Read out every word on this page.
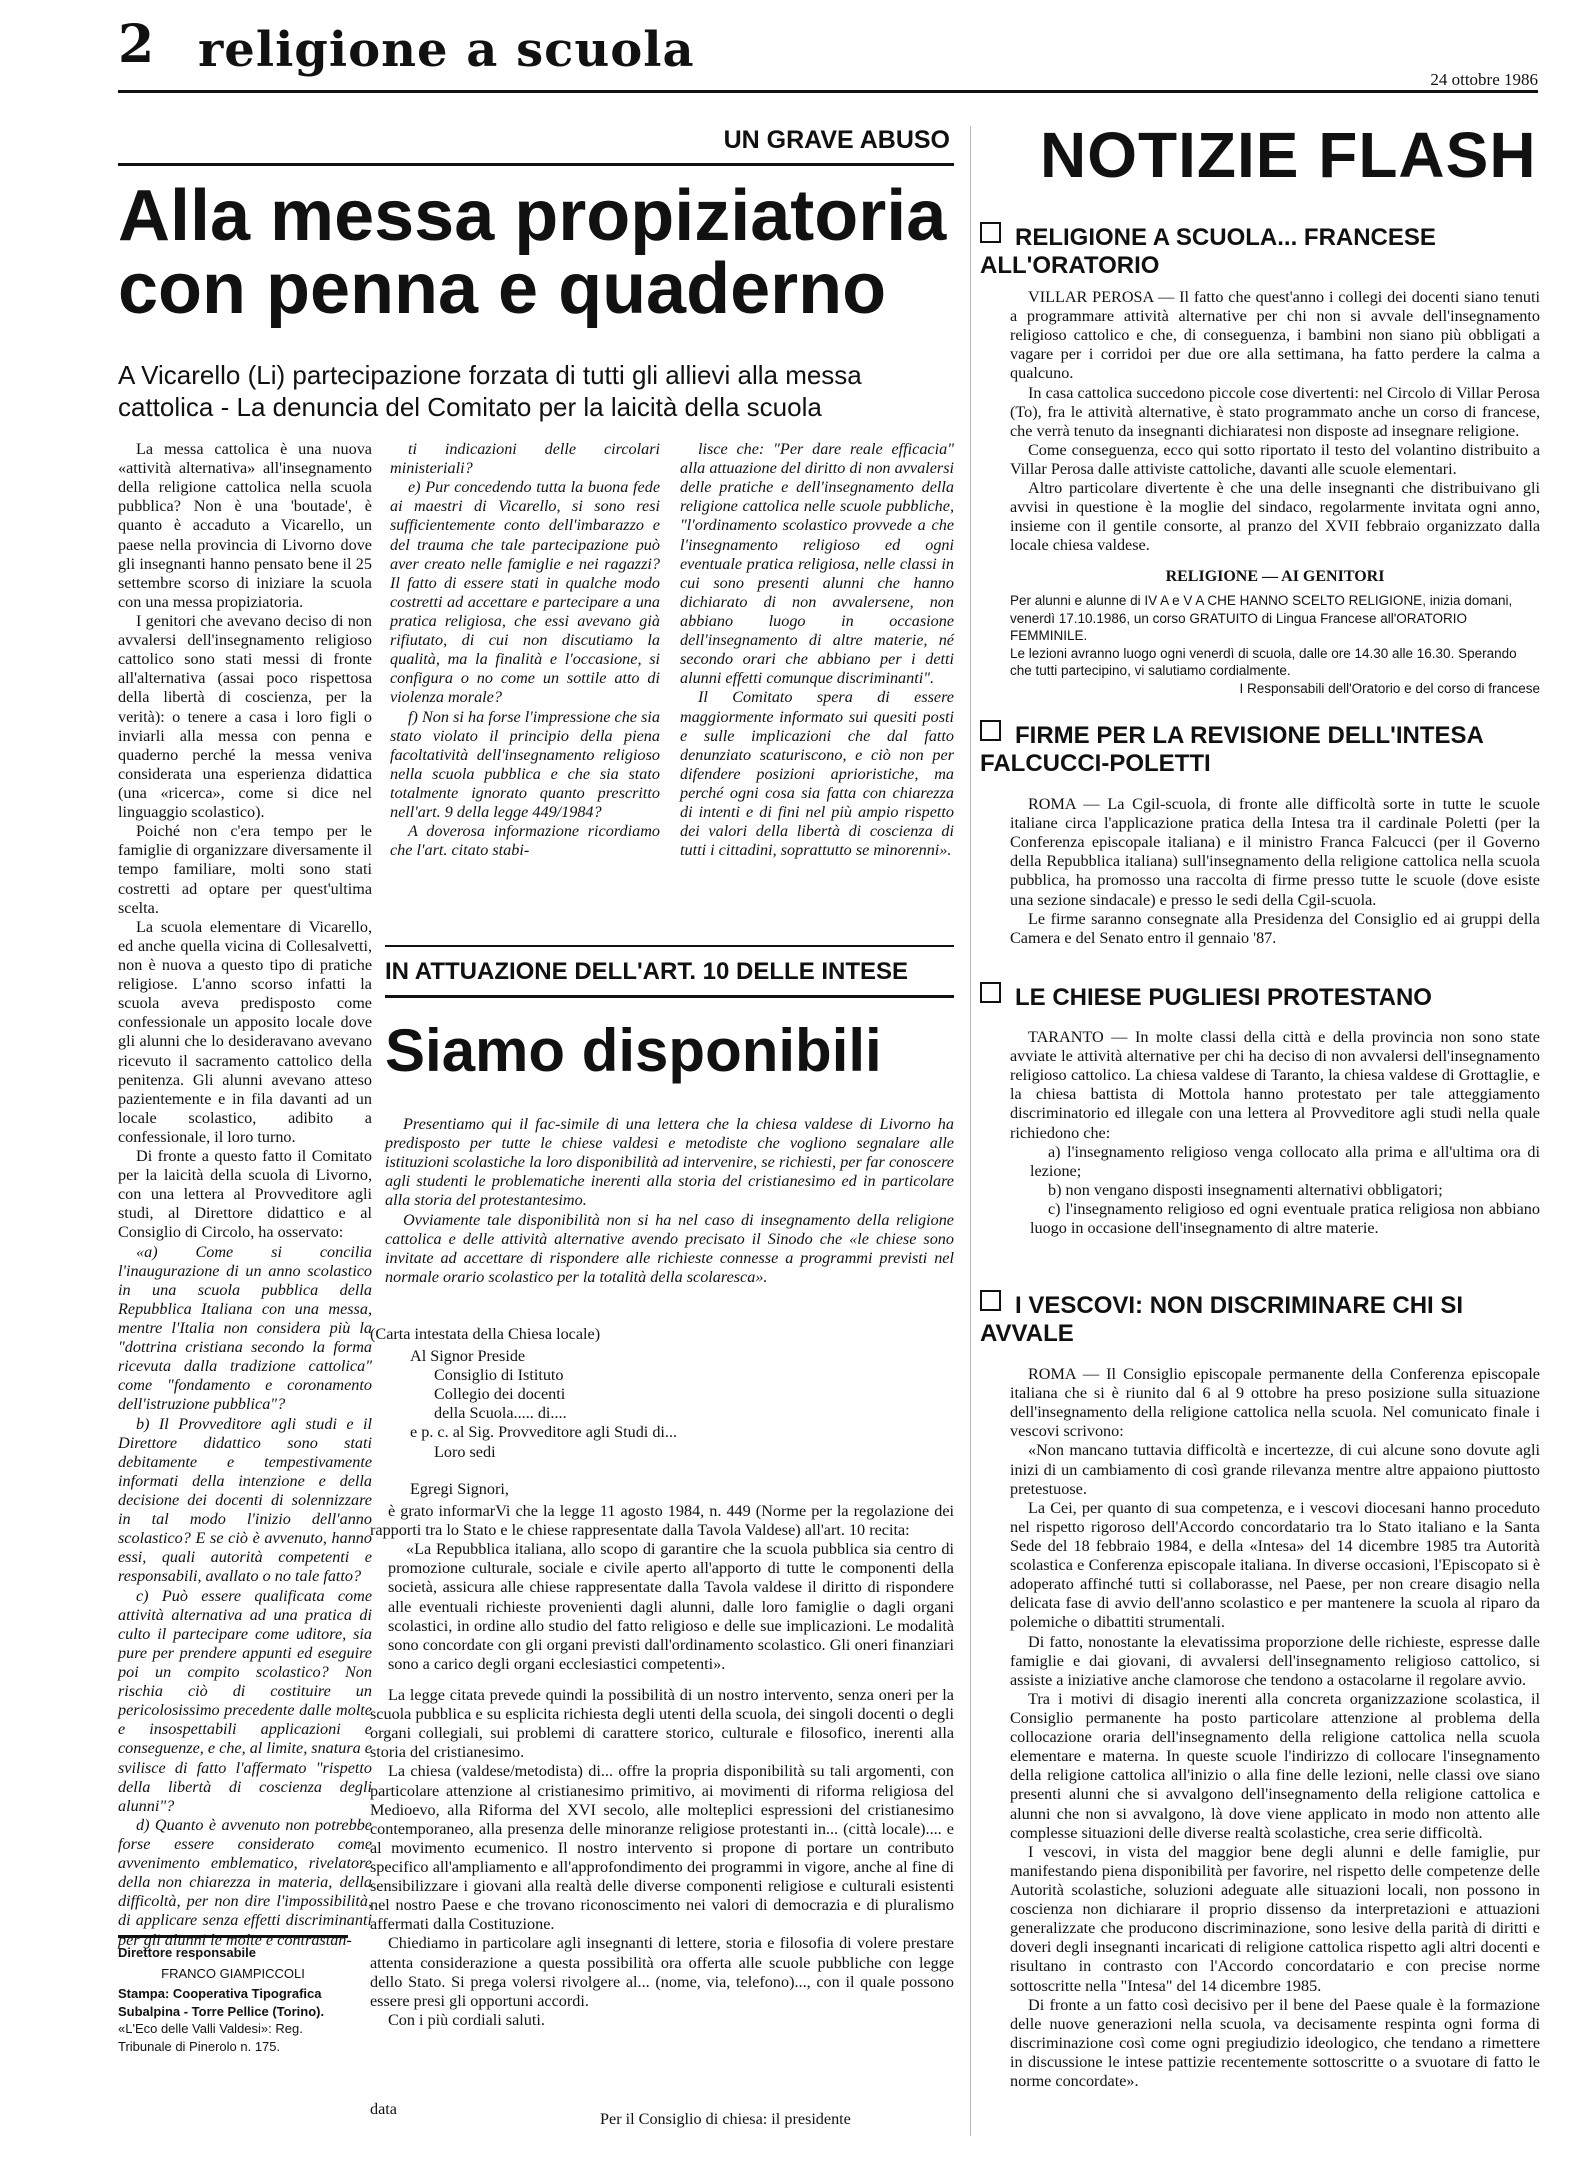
2 religione a scuola
24 ottobre 1986
UN GRAVE ABUSO
Alla messa propiziatoria
con penna e quaderno
A Vicarello (Li) partecipazione forzata di tutti gli allievi alla messa cattolica - La denuncia del Comitato per la laicità della scuola

La messa cattolica è una nuova «attività alternativa» all'insegnamento della religione cattolica nella scuola pubblica? Non è una 'boutade', è quanto è accaduto a Vicarello, un paese nella provincia di Livorno dove gli insegnanti hanno pensato bene il 25 settembre scorso di iniziare la scuola con una messa propiziatoria.

I genitori che avevano deciso di non avvalersi dell'insegnamento religioso cattolico sono stati messi di fronte all'alternativa (assai poco rispettosa della libertà di coscienza, per la verità): o tenere a casa i loro figli o inviarli alla messa con penna e quaderno perché la messa veniva considerata una esperienza didattica (una «ricerca», come si dice nel linguaggio scolastico).

Poiché non c'era tempo per le famiglie di organizzare diversamente il tempo familiare, molti sono stati costretti ad optare per quest'ultima scelta.

La scuola elementare di Vicarello, ed anche quella vicina di Collesalvetti, non è nuova a questo tipo di pratiche religiose. L'anno scorso infatti la scuola aveva predisposto come confessionale un apposito locale dove gli alunni che lo desideravano avevano ricevuto il sacramento cattolico della penitenza. Gli alunni avevano atteso pazientemente e in fila davanti ad un locale scolastico, adibito a confessionale, il loro turno.

Di fronte a questo fatto il Comitato per la laicità della scuola di Livorno, con una lettera al Provveditore agli studi, al Direttore didattico e al Consiglio di Circolo, ha osservato:

«a) Come si concilia l'inaugurazione di un anno scolastico in una scuola pubblica della Repubblica Italiana con una messa, mentre l'Italia non considera più la "dottrina cristiana secondo la forma ricevuta dalla tradizione cattolica" come "fondamento e coronamento dell'istruzione pubblica"?

b) Il Provveditore agli studi e il Direttore didattico sono stati debitamente e tempestivamente informati della intenzione e della decisione dei docenti di solennizzare in tal modo l'inizio dell'anno scolastico? E se ciò è avvenuto, hanno essi, quali autorità competenti e responsabili, avallato o no tale fatto?

c) Può essere qualificata come attività alternativa ad una pratica di culto il partecipare come uditore, sia pure per prendere appunti ed eseguire poi un compito scolastico? Non rischia ciò di costituire un pericolosissimo precedente dalle molte e insospettabili applicazioni e conseguenze, e che, al limite, snatura e svilisce di fatto l'affermato "rispetto della libertà di coscienza degli alunni"?

d) Quanto è avvenuto non potrebbe forse essere considerato come avvenimento emblematico, rivelatore della non chiarezza in materia, della difficoltà, per non dire l'impossibilità, di applicare senza effetti discriminanti per gli alunni le molte e contrastan-

ti indicazioni delle circolari ministeriali?

e) Pur concedendo tutta la buona fede ai maestri di Vicarello, si sono resi sufficientemente conto dell'imbarazzo e del trauma che tale partecipazione può aver creato nelle famiglie e nei ragazzi? Il fatto di essere stati in qualche modo costretti ad accettare e partecipare a una pratica religiosa, che essi avevano già rifiutato, di cui non discutiamo la qualità, ma la finalità e l'occasione, si configura o no come un sottile atto di violenza morale?

f) Non si ha forse l'impressione che sia stato violato il principio della piena facoltatività dell'insegnamento religioso nella scuola pubblica e che sia stato totalmente ignorato quanto prescritto nell'art. 9 della legge 449/1984?

A doverosa informazione ricordiamo che l'art. citato stabi-

lisce che: "Per dare reale efficacia" alla attuazione del diritto di non avvalersi delle pratiche e dell'insegnamento della religione cattolica nelle scuole pubbliche, "l'ordinamento scolastico provvede a che l'insegnamento religioso ed ogni eventuale pratica religiosa, nelle classi in cui sono presenti alunni che hanno dichiarato di non avvalersene, non abbiano luogo in occasione dell'insegnamento di altre materie, né secondo orari che abbiano per i detti alunni effetti comunque discriminanti".

Il Comitato spera di essere maggiormente informato sui quesiti posti e sulle implicazioni che dal fatto denunziato scaturiscono, e ciò non per difendere posizioni aprioristiche, ma perché ogni cosa sia fatta con chiarezza di intenti e di fini nel più ampio rispetto dei valori della libertà di coscienza di tutti i cittadini, soprattutto se minorenni».

IN ATTUAZIONE DELL'ART. 10 DELLE INTESE
Siamo disponibili

Presentiamo qui il fac-simile di una lettera che la chiesa valdese di Livorno ha predisposto per tutte le chiese valdesi e metodiste che vogliono segnalare alle istituzioni scolastiche la loro disponibilità ad intervenire, se richiesti, per far conoscere agli studenti le problematiche inerenti alla storia del cristianesimo ed in particolare alla storia del protestantesimo.

Ovviamente tale disponibilità non si ha nel caso di insegnamento della religione cattolica e delle attività alternative avendo precisato il Sinodo che «le chiese sono invitate ad accettare di rispondere alle richieste connesse a programmi previsti nel normale orario scolastico per la totalità della scolaresca».

(Carta intestata della Chiesa locale)
Al Signor Preside
Consiglio di Istituto
Collegio dei docenti
della Scuola..... di....
e p. c. al Sig. Provveditore agli Studi di...
Loro sedi
Egregi Signori,

è grato informarVi che la legge 11 agosto 1984, n. 449 (Norme per la regolazione dei rapporti tra lo Stato e le chiese rappresentate dalla Tavola Valdese) all'art. 10 recita:

«La Repubblica italiana, allo scopo di garantire che la scuola pubblica sia centro di promozione culturale, sociale e civile aperto all'apporto di tutte le componenti della società, assicura alle chiese rappresentate dalla Tavola valdese il diritto di rispondere alle eventuali richieste provenienti dagli alunni, dalle loro famiglie o dagli organi scolastici, in ordine allo studio del fatto religioso e delle sue implicazioni. Le modalità sono concordate con gli organi previsti dall'ordinamento scolastico. Gli oneri finanziari sono a carico degli organi ecclesiastici competenti».

La legge citata prevede quindi la possibilità di un nostro intervento, senza oneri per la scuola pubblica e su esplicita richiesta degli utenti della scuola, dei singoli docenti o degli organi collegiali, sui problemi di carattere storico, culturale e filosofico, inerenti alla storia del cristianesimo.

La chiesa (valdese/metodista) di... offre la propria disponibilità su tali argomenti, con particolare attenzione al cristianesimo primitivo, ai movimenti di riforma religiosa del Medioevo, alla Riforma del XVI secolo, alle molteplici espressioni del cristianesimo contemporaneo, alla presenza delle minoranze religiose protestanti in... (città locale).... e al movimento ecumenico. Il nostro intervento si propone di portare un contributo specifico all'ampliamento e all'approfondimento dei programmi in vigore, anche al fine di sensibilizzare i giovani alla realtà delle diverse componenti religiose e culturali esistenti nel nostro Paese e che trovano riconoscimento nei valori di democrazia e di pluralismo affermati dalla Costituzione.

Chiediamo in particolare agli insegnanti di lettere, storia e filosofia di volere prestare attenta considerazione a questa possibilità ora offerta alle scuole pubbliche con legge dello Stato. Si prega volersi rivolgere al... (nome, via, telefono)..., con il quale possono essere presi gli opportuni accordi.

Con i più cordiali saluti.

data
Per il Consiglio di chiesa: il presidente
Direttore responsabile
FRANCO GIAMPICCOLI
Stampa: Cooperativa Tipografica Subalpina - Torre Pellice (Torino).
«L'Eco delle Valli Valdesi»: Reg. Tribunale di Pinerolo n. 175.
NOTIZIE FLASH
RELIGIONE A SCUOLA... FRANCESE ALL'ORATORIO

VILLAR PEROSA — Il fatto che quest'anno i collegi dei docenti siano tenuti a programmare attività alternative per chi non si avvale dell'insegnamento religioso cattolico e che, di conseguenza, i bambini non siano più obbligati a vagare per i corridoi per due ore alla settimana, ha fatto perdere la calma a qualcuno.

In casa cattolica succedono piccole cose divertenti: nel Circolo di Villar Perosa (To), fra le attività alternative, è stato programmato anche un corso di francese, che verrà tenuto da insegnanti dichiaratesi non disposte ad insegnare religione.

Come conseguenza, ecco qui sotto riportato il testo del volantino distribuito a Villar Perosa dalle attiviste cattoliche, davanti alle scuole elementari.

Altro particolare divertente è che una delle insegnanti che distribuivano gli avvisi in questione è la moglie del sindaco, regolarmente invitata ogni anno, insieme con il gentile consorte, al pranzo del XVII febbraio organizzato dalla locale chiesa valdese.

RELIGIONE — AI GENITORI
Per alunni e alunne di IV A e V A CHE HANNO SCELTO RELIGIONE, inizia domani, venerdì 17.10.1986, un corso GRATUITO di Lingua Francese all'ORATORIO FEMMINILE.
Le lezioni avranno luogo ogni venerdì di scuola, dalle ore 14.30 alle 16.30. Sperando che tutti partecipino, vi salutiamo cordialmente.
I Responsabili dell'Oratorio e del corso di francese
FIRME PER LA REVISIONE DELL'INTESA FALCUCCI-POLETTI

ROMA — La Cgil-scuola, di fronte alle difficoltà sorte in tutte le scuole italiane circa l'applicazione pratica della Intesa tra il cardinale Poletti (per la Conferenza episcopale italiana) e il ministro Franca Falcucci (per il Governo della Repubblica italiana) sull'insegnamento della religione cattolica nella scuola pubblica, ha promosso una raccolta di firme presso tutte le scuole (dove esiste una sezione sindacale) e presso le sedi della Cgil-scuola.

Le firme saranno consegnate alla Presidenza del Consiglio ed ai gruppi della Camera e del Senato entro il gennaio '87.

LE CHIESE PUGLIESI PROTESTANO

TARANTO — In molte classi della città e della provincia non sono state avviate le attività alternative per chi ha deciso di non avvalersi dell'insegnamento religioso cattolico. La chiesa valdese di Taranto, la chiesa valdese di Grottaglie, e la chiesa battista di Mottola hanno protestato per tale atteggiamento discriminatorio ed illegale con una lettera al Provveditore agli studi nella quale richiedono che:

a) l'insegnamento religioso venga collocato alla prima e all'ultima ora di lezione;

b) non vengano disposti insegnamenti alternativi obbligatori;

c) l'insegnamento religioso ed ogni eventuale pratica religiosa non abbiano luogo in occasione dell'insegnamento di altre materie.

I VESCOVI: NON DISCRIMINARE CHI SI AVVALE

ROMA — Il Consiglio episcopale permanente della Conferenza episcopale italiana che si è riunito dal 6 al 9 ottobre ha preso posizione sulla situazione dell'insegnamento della religione cattolica nella scuola. Nel comunicato finale i vescovi scrivono:

«Non mancano tuttavia difficoltà e incertezze, di cui alcune sono dovute agli inizi di un cambiamento di così grande rilevanza mentre altre appaiono piuttosto pretestuose.

La Cei, per quanto di sua competenza, e i vescovi diocesani hanno proceduto nel rispetto rigoroso dell'Accordo concordatario tra lo Stato italiano e la Santa Sede del 18 febbraio 1984, e della «Intesa» del 14 dicembre 1985 tra Autorità scolastica e Conferenza episcopale italiana. In diverse occasioni, l'Episcopato si è adoperato affinché tutti si collaborasse, nel Paese, per non creare disagio nella delicata fase di avvio dell'anno scolastico e per mantenere la scuola al riparo da polemiche o dibattiti strumentali.

Di fatto, nonostante la elevatissima proporzione delle richieste, espresse dalle famiglie e dai giovani, di avvalersi dell'insegnamento religioso cattolico, si assiste a iniziative anche clamorose che tendono a ostacolarne il regolare avvio.

Tra i motivi di disagio inerenti alla concreta organizzazione scolastica, il Consiglio permanente ha posto particolare attenzione al problema della collocazione oraria dell'insegnamento della religione cattolica nella scuola elementare e materna. In queste scuole l'indirizzo di collocare l'insegnamento della religione cattolica all'inizio o alla fine delle lezioni, nelle classi ove siano presenti alunni che si avvalgono dell'insegnamento della religione cattolica e alunni che non si avvalgono, là dove viene applicato in modo non attento alle complesse situazioni delle diverse realtà scolastiche, crea serie difficoltà.

I vescovi, in vista del maggior bene degli alunni e delle famiglie, pur manifestando piena disponibilità per favorire, nel rispetto delle competenze delle Autorità scolastiche, soluzioni adeguate alle situazioni locali, non possono in coscienza non dichiarare il proprio dissenso da interpretazioni e attuazioni generalizzate che producono discriminazione, sono lesive della parità di diritti e doveri degli insegnanti incaricati di religione cattolica rispetto agli altri docenti e risultano in contrasto con l'Accordo concordatario e con precise norme sottoscritte nella "Intesa" del 14 dicembre 1985.

Di fronte a un fatto così decisivo per il bene del Paese quale è la formazione delle nuove generazioni nella scuola, va decisamente respinta ogni forma di discriminazione così come ogni pregiudizio ideologico, che tendano a rimettere in discussione le intese pattizie recentemente sottoscritte o a svuotare di fatto le norme concordate».
